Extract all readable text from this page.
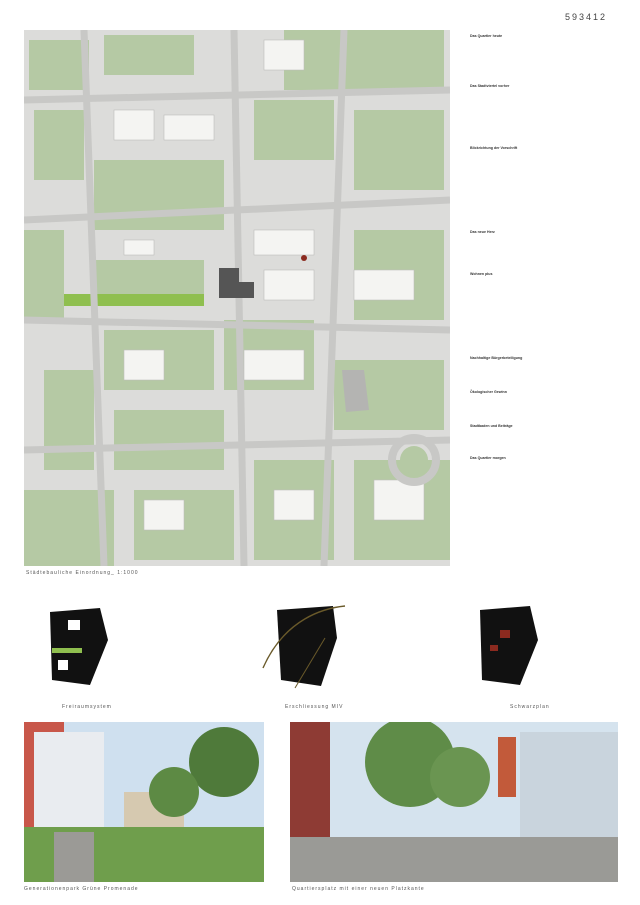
593412
Städtebauliche Einordnung_ 1:1000
Das Quartier heute
Das Stadtviertel vorher
Blickrichtung der Vorschrift
Das neue Herz
Wohnen plus
Nachhaltige Bürgerbeteiligung
Ökologischer Gewinn
Stadtbaden und Beiträge
Das Quartier morgen
Freiraumsystem	Erschliessung MIV	Schwarzplan
Generationenpark Grüne Promenade	Quartiersplatz mit einer neuen Platzkante
